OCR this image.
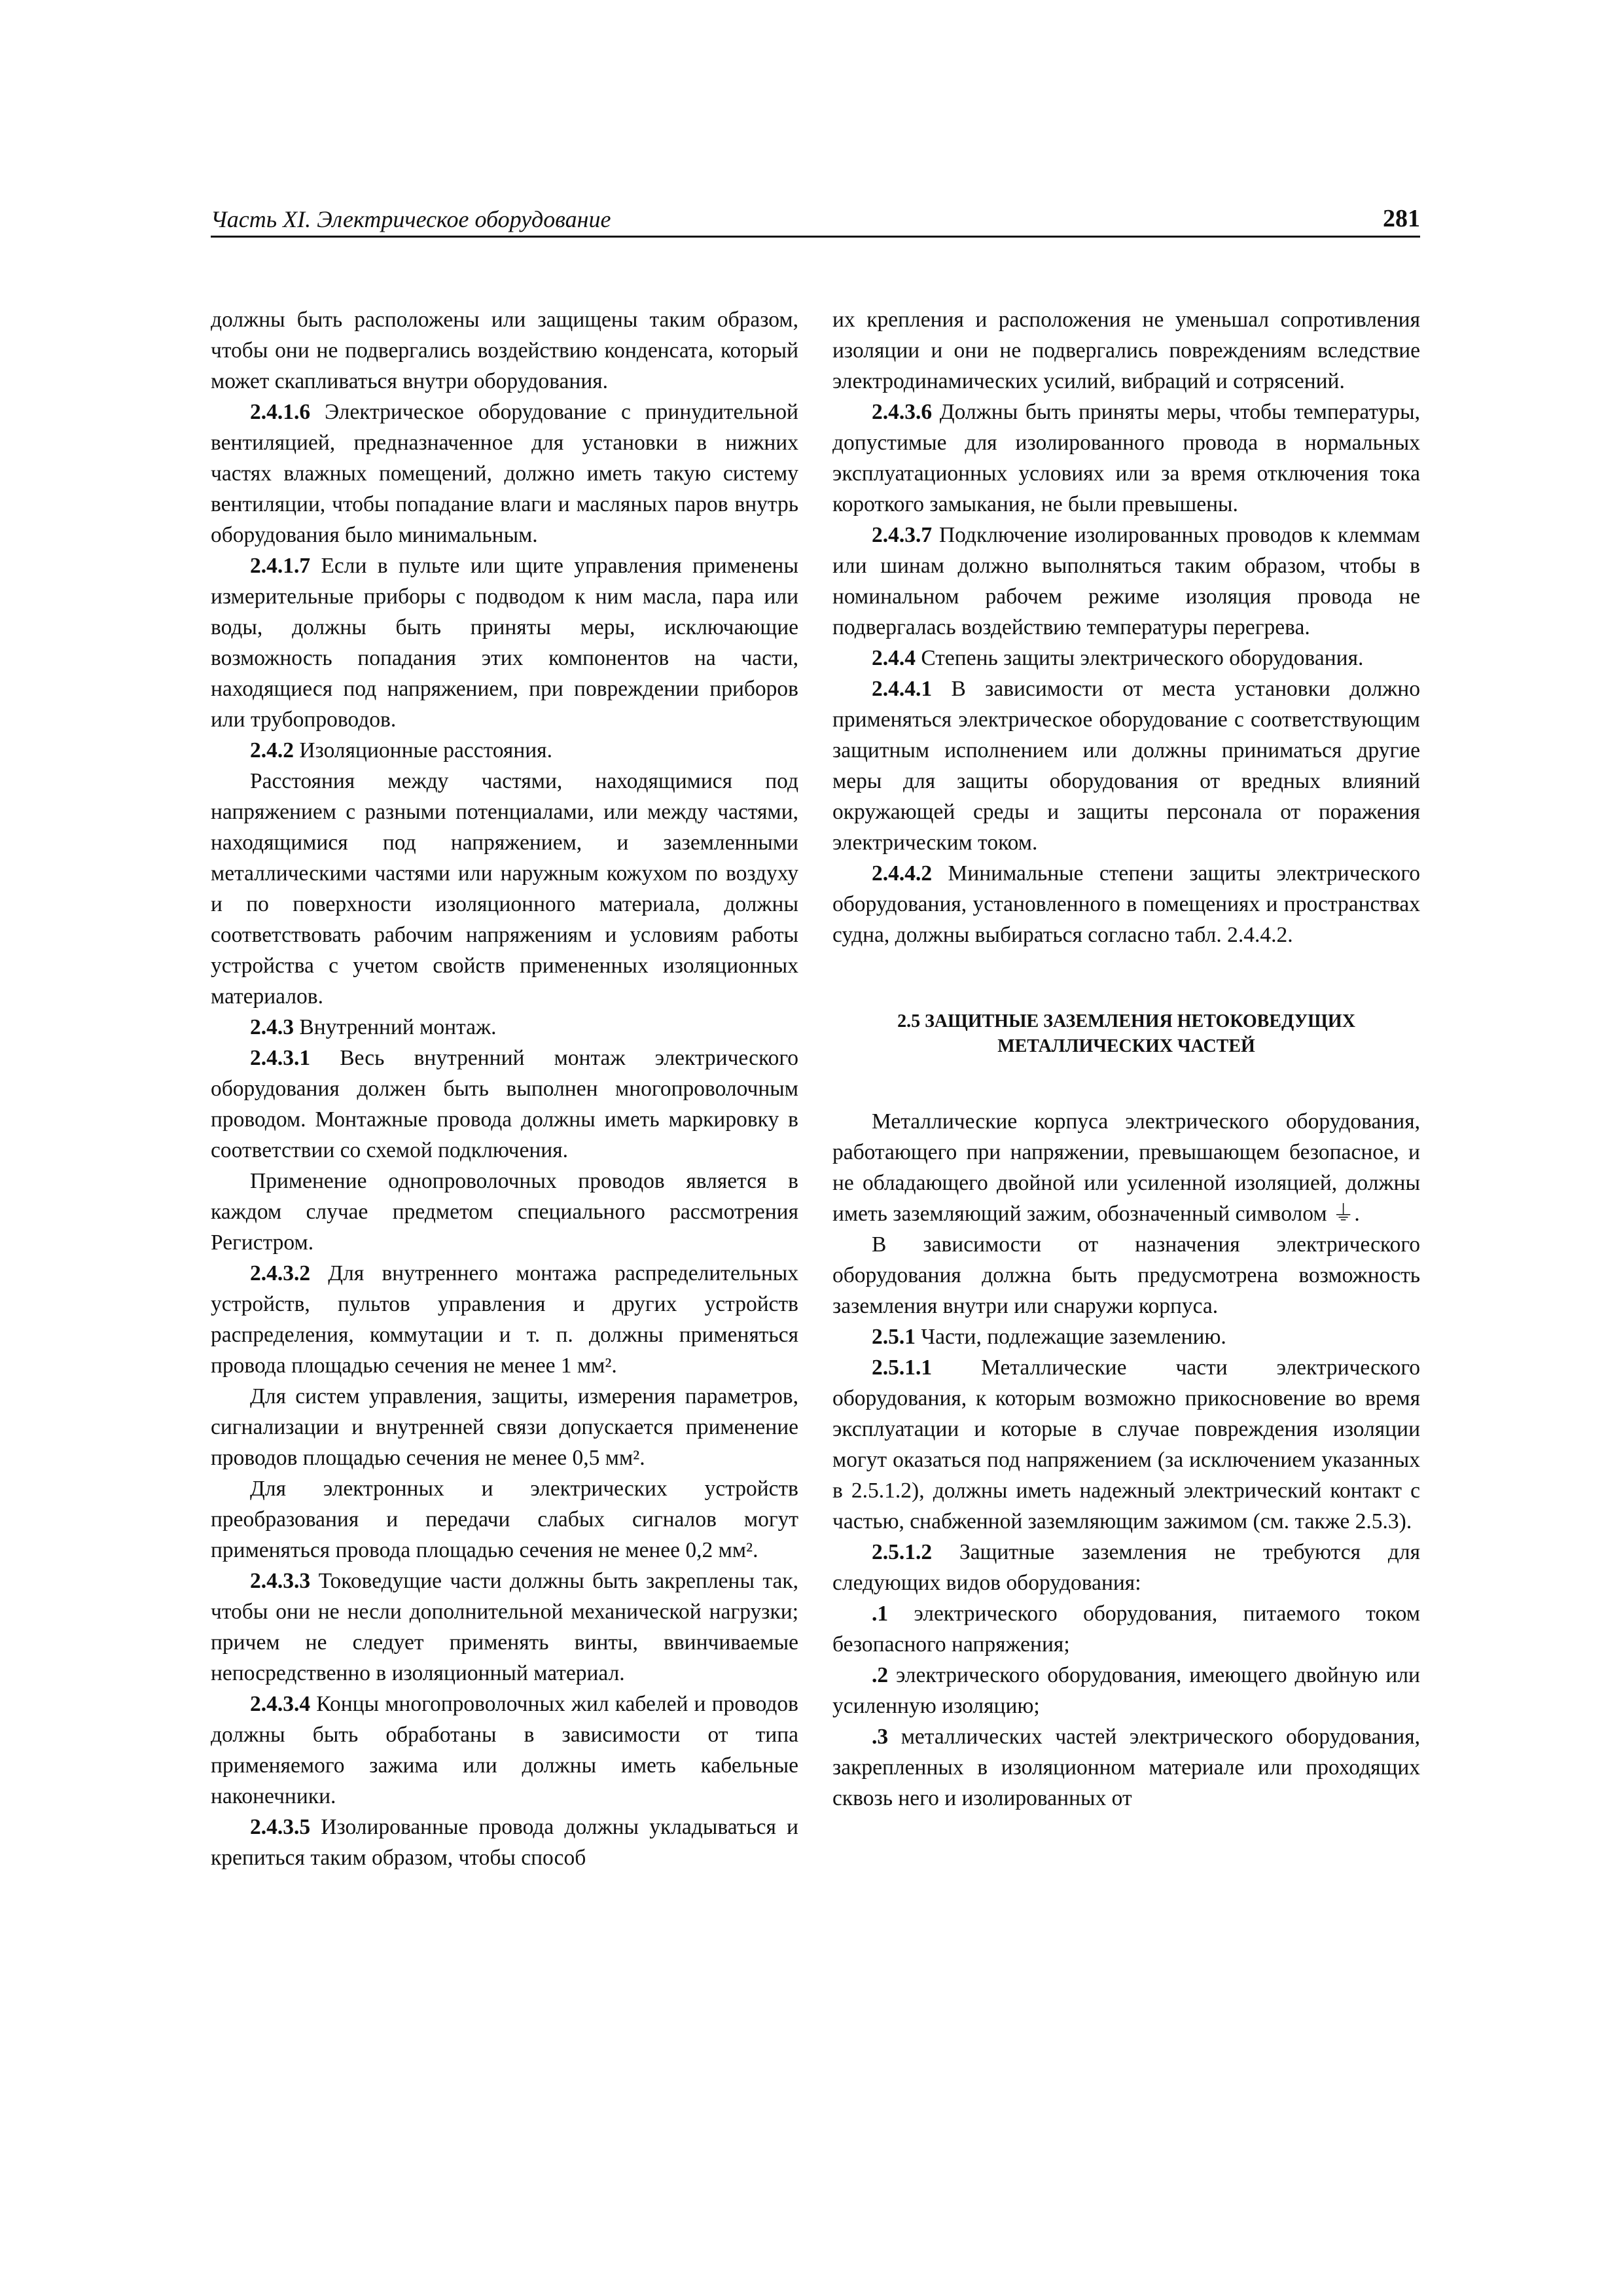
Часть XI. Электрическое оборудование	281

должны быть расположены или защищены таким образом, чтобы они не подвергались воздействию конденсата, который может скапливаться внутри оборудования.

2.4.1.6 Электрическое оборудование с принудительной вентиляцией, предназначенное для установки в нижних частях влажных помещений, должно иметь такую систему вентиляции, чтобы попадание влаги и масляных паров внутрь оборудования было минимальным.

2.4.1.7 Если в пульте или щите управления применены измерительные приборы с подводом к ним масла, пара или воды, должны быть приняты меры, исключающие возможность попадания этих компонентов на части, находящиеся под напряжением, при повреждении приборов или трубопроводов.

2.4.2 Изоляционные расстояния.

Расстояния между частями, находящимися под напряжением с разными потенциалами, или между частями, находящимися под напряжением, и заземленными металлическими частями или наружным кожухом по воздуху и по поверхности изоляционного материала, должны соответствовать рабочим напряжениям и условиям работы устройства с учетом свойств примененных изоляционных материалов.

2.4.3 Внутренний монтаж.

2.4.3.1 Весь внутренний монтаж электрического оборудования должен быть выполнен многопроволочным проводом. Монтажные провода должны иметь маркировку в соответствии со схемой подключения.

Применение однопроволочных проводов является в каждом случае предметом специального рассмотрения Регистром.

2.4.3.2 Для внутреннего монтажа распределительных устройств, пультов управления и других устройств распределения, коммутации и т. п. должны применяться провода площадью сечения не менее 1 мм².

Для систем управления, защиты, измерения параметров, сигнализации и внутренней связи допускается применение проводов площадью сечения не менее 0,5 мм².

Для электронных и электрических устройств преобразования и передачи слабых сигналов могут применяться провода площадью сечения не менее 0,2 мм².

2.4.3.3 Токоведущие части должны быть закреплены так, чтобы они не несли дополнительной механической нагрузки; причем не следует применять винты, ввинчиваемые непосредственно в изоляционный материал.

2.4.3.4 Концы многопроволочных жил кабелей и проводов должны быть обработаны в зависимости от типа применяемого зажима или должны иметь кабельные наконечники.

2.4.3.5 Изолированные провода должны укладываться и крепиться таким образом, чтобы способ

их крепления и расположения не уменьшал сопротивления изоляции и они не подвергались повреждениям вследствие электродинамических усилий, вибраций и сотрясений.

2.4.3.6 Должны быть приняты меры, чтобы температуры, допустимые для изолированного провода в нормальных эксплуатационных условиях или за время отключения тока короткого замыкания, не были превышены.

2.4.3.7 Подключение изолированных проводов к клеммам или шинам должно выполняться таким образом, чтобы в номинальном рабочем режиме изоляция провода не подвергалась воздействию температуры перегрева.

2.4.4 Степень защиты электрического оборудования.

2.4.4.1 В зависимости от места установки должно применяться электрическое оборудование с соответствующим защитным исполнением или должны приниматься другие меры для защиты оборудования от вредных влияний окружающей среды и защиты персонала от поражения электрическим током.

2.4.4.2 Минимальные степени защиты электрического оборудования, установленного в помещениях и пространствах судна, должны выбираться согласно табл. 2.4.4.2.

2.5 ЗАЩИТНЫЕ ЗАЗЕМЛЕНИЯ НЕТОКОВЕДУЩИХ
МЕТАЛЛИЧЕСКИХ ЧАСТЕЙ

Металлические корпуса электрического оборудования, работающего при напряжении, превышающем безопасное, и не обладающего двойной или усиленной изоляцией, должны иметь заземляющий зажим, обозначенный символом ⏚.

В зависимости от назначения электрического оборудования должна быть предусмотрена возможность заземления внутри или снаружи корпуса.

2.5.1 Части, подлежащие заземлению.

2.5.1.1 Металлические части электрического оборудования, к которым возможно прикосновение во время эксплуатации и которые в случае повреждения изоляции могут оказаться под напряжением (за исключением указанных в 2.5.1.2), должны иметь надежный электрический контакт с частью, снабженной заземляющим зажимом (см. также 2.5.3).

2.5.1.2 Защитные заземления не требуются для следующих видов оборудования:

.1 электрического оборудования, питаемого током безопасного напряжения;

.2 электрического оборудования, имеющего двойную или усиленную изоляцию;

.3 металлических частей электрического оборудования, закрепленных в изоляционном материале или проходящих сквозь него и изолированных от
